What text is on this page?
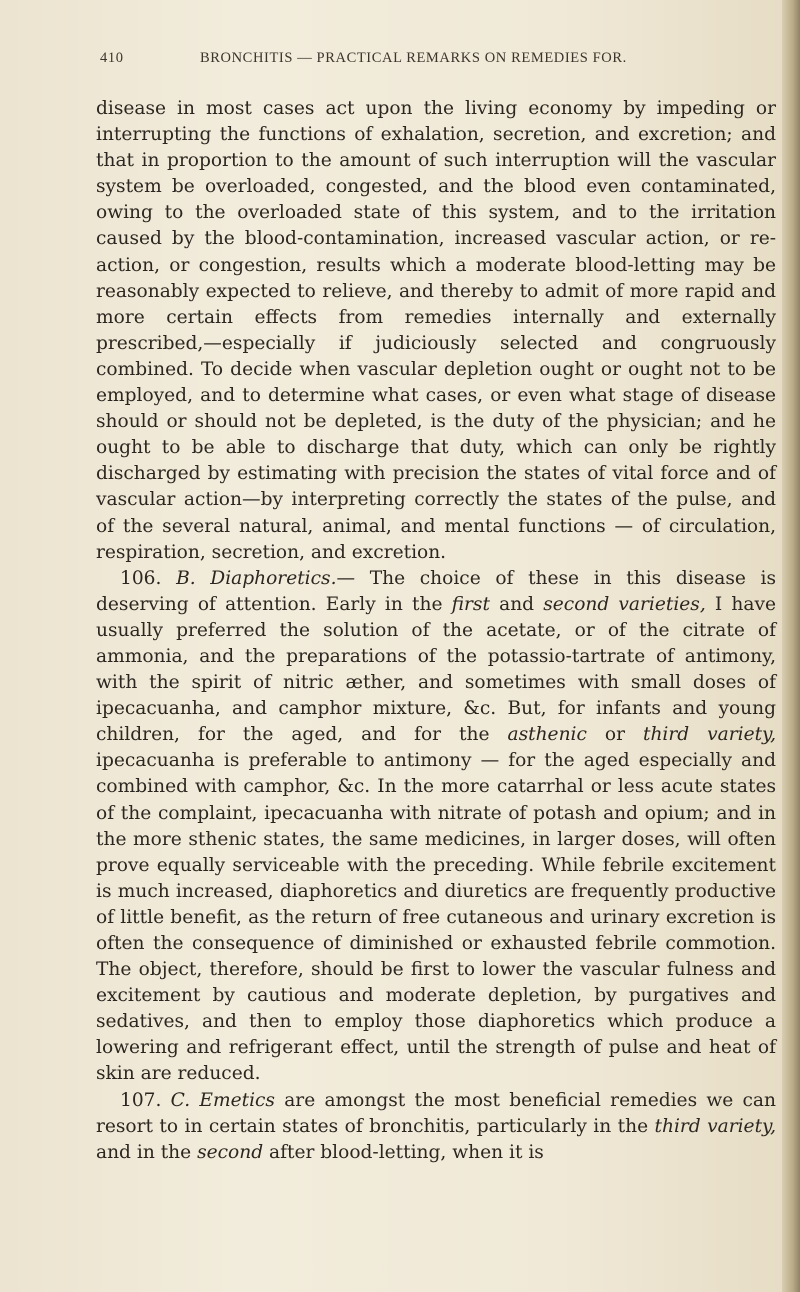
410	BRONCHITIS — PRACTICAL REMARKS ON REMEDIES FOR.

disease in most cases act upon the living economy by impeding or interrupting the functions of exhalation, secretion, and excretion; and that in proportion to the amount of such interruption will the vascular system be overloaded, congested, and the blood even contaminated, owing to the overloaded state of this system, and to the irritation caused by the blood-contamination, increased vascular action, or re-action, or congestion, results which a moderate blood-letting may be reasonably expected to relieve, and thereby to admit of more rapid and more certain effects from remedies internally and externally prescribed,—especially if judiciously selected and congruously combined. To decide when vascular depletion ought or ought not to be employed, and to determine what cases, or even what stage of disease should or should not be depleted, is the duty of the physician; and he ought to be able to discharge that duty, which can only be rightly discharged by estimating with precision the states of vital force and of vascular action—by interpreting correctly the states of the pulse, and of the several natural, animal, and mental functions — of circulation, respiration, secretion, and excretion.

106. B. Diaphoretics.— The choice of these in this disease is deserving of attention. Early in the first and second varieties, I have usually preferred the solution of the acetate, or of the citrate of ammonia, and the preparations of the potassio-tartrate of antimony, with the spirit of nitric æther, and sometimes with small doses of ipecacuanha, and camphor mixture, &c. But, for infants and young children, for the aged, and for the asthenic or third variety, ipecacuanha is preferable to antimony — for the aged especially and combined with camphor, &c. In the more catarrhal or less acute states of the complaint, ipecacuanha with nitrate of potash and opium; and in the more sthenic states, the same medicines, in larger doses, will often prove equally serviceable with the preceding. While febrile excitement is much increased, diaphoretics and diuretics are frequently productive of little benefit, as the return of free cutaneous and urinary excretion is often the consequence of diminished or exhausted febrile commotion. The object, therefore, should be first to lower the vascular fulness and excitement by cautious and moderate depletion, by purgatives and sedatives, and then to employ those diaphoretics which produce a lowering and refrigerant effect, until the strength of pulse and heat of skin are reduced.

107. C. Emetics are amongst the most beneficial remedies we can resort to in certain states of bronchitis, particularly in the third variety, and in the second after blood-letting, when it is
